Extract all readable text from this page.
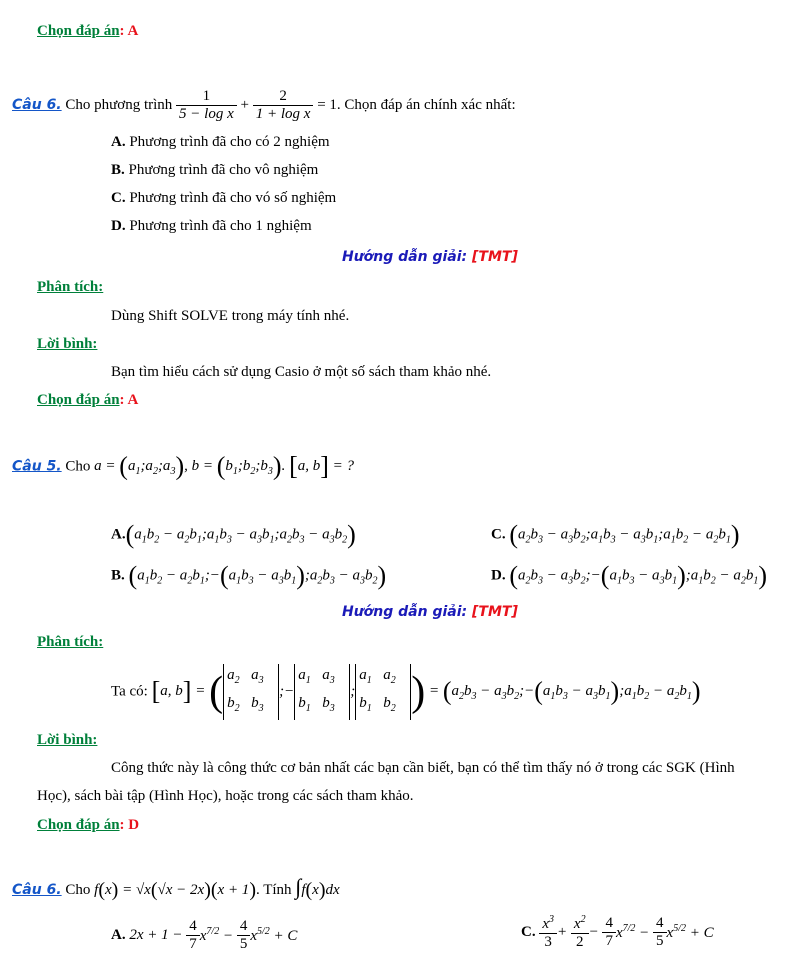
Chọn đáp án: A
Câu 6. Cho phương trình $\frac{1}{\text{5 − log x}} + \frac{2}{\text{1 + log x}} = 1$. Chọn đáp án chính xác nhất:
A. Phương trình đã cho có 2 nghiệm
B. Phương trình đã cho vô nghiệm
C. Phương trình đã cho vó số nghiệm
D. Phương trình đã cho 1 nghiệm
Hướng dẫn giải: [TMT]
Phân tích:
Dùng Shift SOLVE trong máy tính nhé.
Lời bình:
Bạn tìm hiểu cách sử dụng Casio ở một số sách tham khảo nhé.
Chọn đáp án: A
Câu 5. Cho $a = (a_1;a_2;a_3)$, $b = (b_1;b_2;b_3)$. [a, b] = ?
$A.(a_1b_2$ − $a_2b_1;a_1b_3$ − $a_3b_1;a_2b_3 - a_3b_2$)	C. ($a_2b_3$ − $a_3b_2;a_1b_3$ − $a_3b_1;a_1b_2 - a_2b_1$)
B. ($a_1b_2$ − $a_2b_1;-(a_1b_3$ − $a_3b_1);a_2b_3 - a_3b_2$)	D. ($a_2b_3$ − $a_3b_2;-(a_1b_3$ − $a_3b_1);a_1b_2 - a_2b_1$)
Hướng dẫn giải: [TMT]
Phân tích:
Ta có: [a, b] = ( $a_2$ $a_3$
$b_2$ $b_3;-a_1$ $a_3$
$b_1$ $b_3;a_1$ $a_2$
$b_1$ $b_2$ ) = ($a_2b_3$ − $a_3b_2;-(a_1b_3$ − $a_3b_1);a_1b_2 - a_2b_1$)
Lời bình:
Công thức này là công thức cơ bản nhất các bạn cần biết, bạn có thể tìm thấy nó ở trong các SGK (Hình
Học), sách bài tập (Hình Học), hoặc trong các sách tham khảo.
Chọn đáp án: D
Câu 6. Cho f(x) = √x(√x − 2x)(x + 1). Tính ∫f(x)dx
A. $2x + 1 - \frac{4}{7} x^{7/2} - \frac{4}{5} x^{5/2} + C$	C. $\frac{x^3}{3} + \frac{x^2}{2} - \frac{4}{7} x^{7/2} - \frac{4}{5} x^{5/2} + C$
